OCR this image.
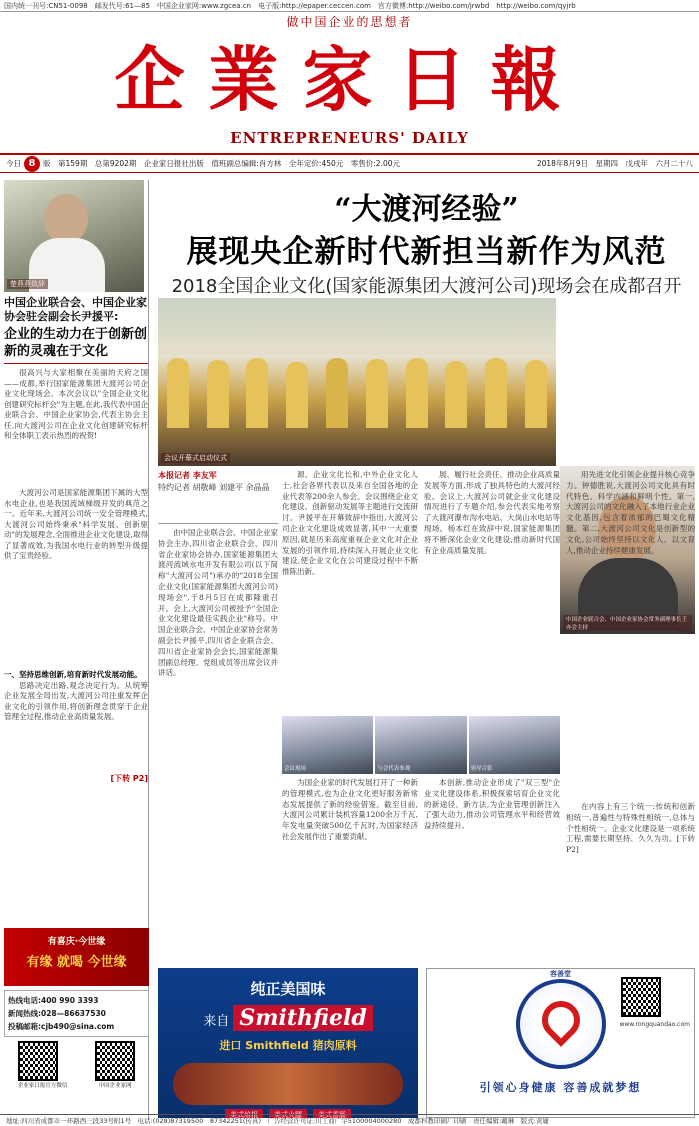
国内统一刊号:CN51-0098　邮发代号:61—85　中国企业家网:www.zgcea.cn　电子版:http://epaper.ceccen.com　官方微博:http://weibo.com/jrwbd　http://weibo.com/qyjrb
做中国企业的思想者
企業家日報
ENTREPRENEURS' DAILY
今日 8 版　第159期　总第9202期　企业家日报社出版　值班副总编辑:肖方林　全年定价:450元　零售价:2.00元	2018年8月9日　星期四　戊戌年　六月二十八
楚燕燕致辞
中国企业联合会、中国企业家协会驻会副会长尹援平:
企业的生动力在于创新创新的灵魂在于文化
很高兴与大家相聚在美丽的天府之国——成都,举行国家能源集团大渡河公司企业文化现场会。本次会议以"全国企业文化创建研究标杆会"为主题,在此,我代表中国企业联合会、中国企业家协会,代表主协会主任,向大渡河公司在企业文化创建研究标杆和全体职工表示热烈的祝贺!
大渡河公司是国家能源集团下属的大型水电企业,也是我国流域梯级开发的典范之一。近年来,大渡河公司统一安全管理模式,大渡河公司始终秉承"科学发展、创新驱动"的发展理念,全面推进企业文化建设,取得了显著成效,为我国水电行业的转型升级提供了宝贵经验。
一、坚持思维创新,培育新时代发展动能。
思路决定出路,观念决定行为。从统筹企业发展全局出发,大渡河公司注重发挥企业文化的引领作用,将创新理念贯穿于企业管理全过程,推动企业高质量发展。
[下转 P2]
有喜庆·今世缘
有缘 就喝 今世缘
热线电话:400 990 3393
新闻热线:028—86637530
投稿邮箱:cjb490@sina.com
企业家日报官方微信	中国企业家网
“大渡河经验”
展现央企新时代新担当新作为风范
2018全国企业文化(国家能源集团大渡河公司)现场会在成都召开
会议开幕式启动仪式
中国企业联合会、中国企业家协会常务副理事长王亦会主持
本报记者 李友军
特约记者 胡敬峰 刘建平 余晶晶
由中国企业联合会、中国企业家协会主办,四川省企业联合会、四川省企业家协会协办,国家能源集团大渡河流域水电开发有限公司(以下简称"大渡河公司")承办的"2018全国企业文化(国家能源集团大渡河公司)现场会",于8月5日在成都隆重召开。会上,大渡河公司被授予"全国企业文化建设最佳实践企业"称号。中国企业联合会、中国企业家协会常务副会长尹援平,四川省企业联合会、四川省企业家协会会长,国家能源集团副总经理、党组成员等出席会议并讲话。
源、企业文化长和,中外企业文化人士,社会各界代表以及来自全国各地的企业代表等200余人参会。会议围绕企业文化建设、创新驱动发展等主题进行交流研讨。尹援平在开幕致辞中指出,大渡河公司企业文化建设成效显著,其中一大重要原因,就是历来高度重视企业文化对企业发展的引领作用,持续深入开展企业文化建设,使企业文化在公司建设过程中不断推陈出新。
展、履行社会责任、推动企业高质量发展等方面,形成了独具特色的大渡河经验。会议上,大渡河公司就企业文化建设情况进行了专题介绍,参会代表实地考察了大渡河瀑布沟水电站、大岗山水电站等现场。杨本红在致辞中说,国家能源集团将不断深化企业文化建设,推动新时代国有企业高质量发展。
用先进文化引领企业提升核心竞争力。钟德胜说,大渡河公司文化具有时代特色、科学内涵和鲜明个性。第一,大渡河公司的文化融入了本地行业企业文化基因,包含着浓郁的巴蜀文化精髓。第二,大渡河公司文化是创新型的文化,公司始终坚持以文化人、以文育人,推动企业持续健康发展。
会议现场	与会代表参观	领导合影
为国企业家的时代发展打开了一种新的管理模式,也为企业文化更好服务新常态发展提供了新的经验借鉴。截至目前,大渡河公司累计装机容量1200余万千瓦,年发电量突破500亿千瓦时,为国家经济社会发展作出了重要贡献。
本创新,推动企业形成了"双三型"企业文化建设体系,积极探索培育企业文化的新途径、新方法,为企业管理创新注入了强大动力,推动公司管理水平和经营效益持续提升。
在内容上有三个统一:传统和创新相统一,普遍性与特殊性相统一,总体与个性相统一。企业文化建设是一项系统工程,需要长期坚持、久久为功。[下转 P2]
纯正美国味
来自 Smithfield
进口 Smithfield 猪肉原料
美式培根	美式火腿	美式香肠
容善堂
引领心身健康 容善成就梦想
www.rongquandao.com
地址:四川省成都市一环路西三段33号附1号　电话:(028)87319500　87342251(传真)　广告经营许可证:川工商广字5100004000280　成都科教印刷厂印刷　责任编辑:戴琳　版式:黄婕
